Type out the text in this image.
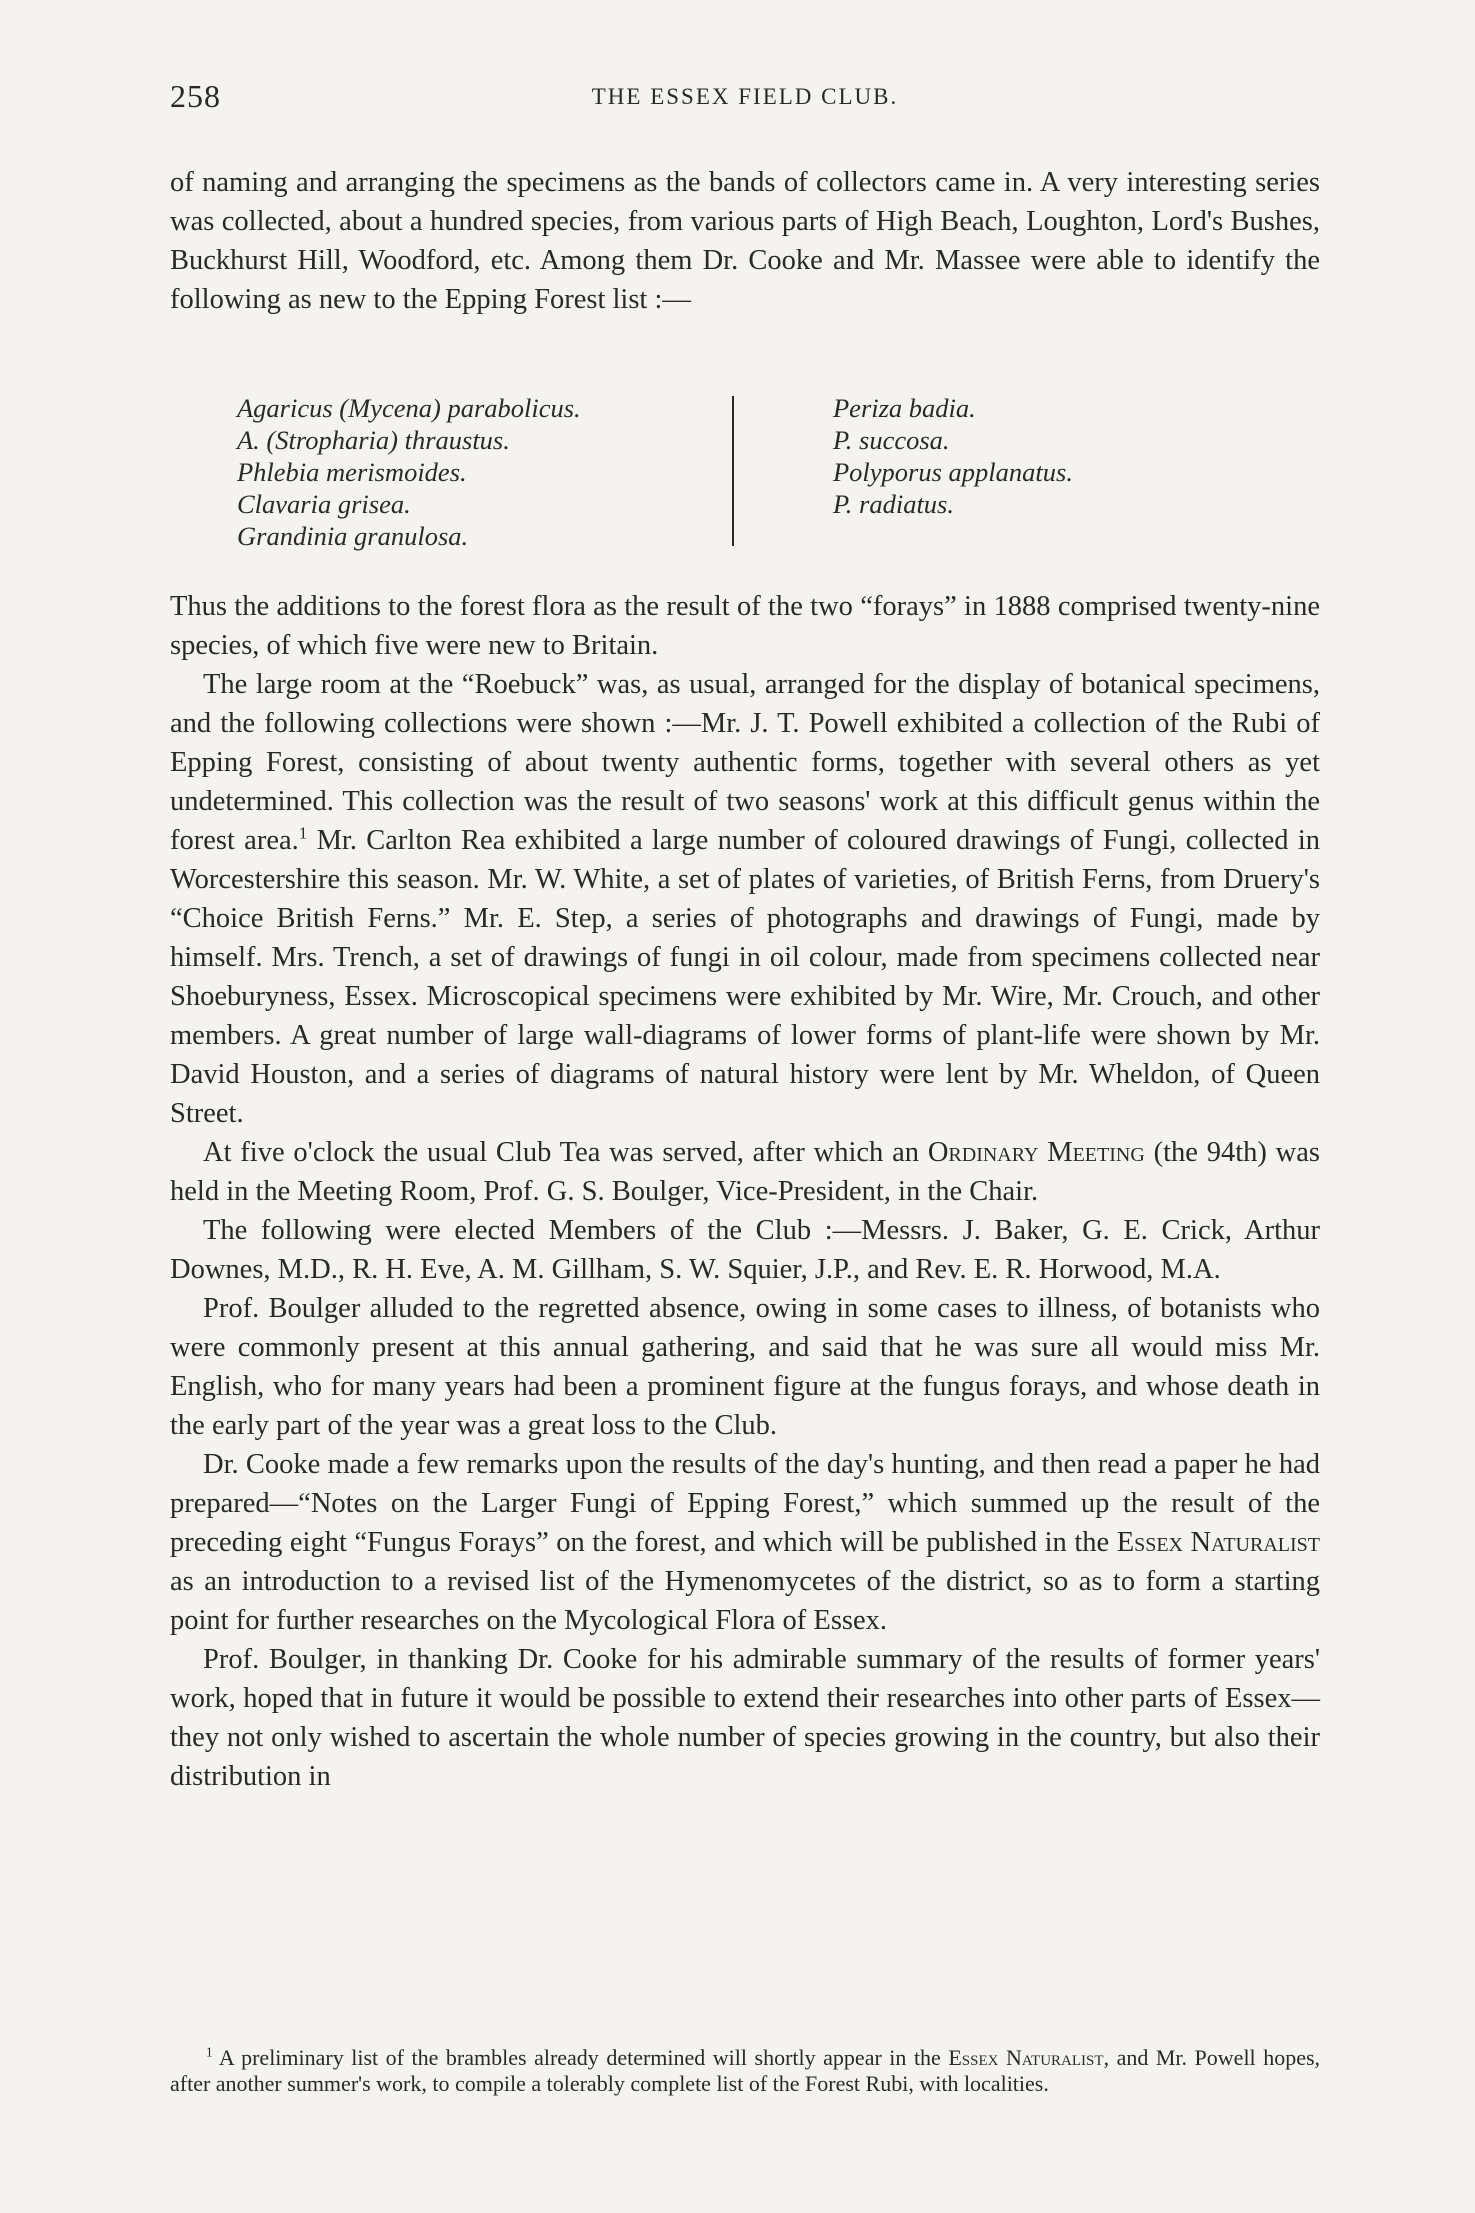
258	THE ESSEX FIELD CLUB.

of naming and arranging the specimens as the bands of collectors came in. A very interesting series was collected, about a hundred species, from various parts of High Beach, Loughton, Lord's Bushes, Buckhurst Hill, Woodford, etc. Among them Dr. Cooke and Mr. Massee were able to identify the following as new to the Epping Forest list :—

Agaricus (Mycena) parabolicus.
A. (Stropharia) thraustus.
Phlebia merismoides.
Clavaria grisea.
Grandinia granulosa.
Periza badia.
P. succosa.
Polyporus applanatus.
P. radiatus.

Thus the additions to the forest flora as the result of the two “forays” in 1888 comprised twenty-nine species, of which five were new to Britain.

The large room at the “Roebuck” was, as usual, arranged for the display of botanical specimens, and the following collections were shown :—Mr. J. T. Powell exhibited a collection of the Rubi of Epping Forest, consisting of about twenty authentic forms, together with several others as yet undetermined. This collection was the result of two seasons' work at this difficult genus within the forest area.$^1$ Mr. Carlton Rea exhibited a large number of coloured drawings of Fungi, collected in Worcestershire this season. Mr. W. White, a set of plates of varieties, of British Ferns, from Druery's “Choice British Ferns.” Mr. E. Step, a series of photographs and drawings of Fungi, made by himself. Mrs. Trench, a set of drawings of fungi in oil colour, made from specimens collected near Shoeburyness, Essex. Microscopical specimens were exhibited by Mr. Wire, Mr. Crouch, and other members. A great number of large wall-diagrams of lower forms of plant-life were shown by Mr. David Houston, and a series of diagrams of natural history were lent by Mr. Wheldon, of Queen Street.

At five o'clock the usual Club Tea was served, after which an Ordinary Meeting (the 94th) was held in the Meeting Room, Prof. G. S. Boulger, Vice-President, in the Chair.

The following were elected Members of the Club :—Messrs. J. Baker, G. E. Crick, Arthur Downes, M.D., R. H. Eve, A. M. Gillham, S. W. Squier, J.P., and Rev. E. R. Horwood, M.A.

Prof. Boulger alluded to the regretted absence, owing in some cases to illness, of botanists who were commonly present at this annual gathering, and said that he was sure all would miss Mr. English, who for many years had been a prominent figure at the fungus forays, and whose death in the early part of the year was a great loss to the Club.

Dr. Cooke made a few remarks upon the results of the day's hunting, and then read a paper he had prepared—“Notes on the Larger Fungi of Epping Forest,” which summed up the result of the preceding eight “Fungus Forays” on the forest, and which will be published in the Essex Naturalist as an introduction to a revised list of the Hymenomycetes of the district, so as to form a starting point for further researches on the Mycological Flora of Essex.

Prof. Boulger, in thanking Dr. Cooke for his admirable summary of the results of former years' work, hoped that in future it would be possible to extend their researches into other parts of Essex—they not only wished to ascertain the whole number of species growing in the country, but also their distribution in

$^1$ A preliminary list of the brambles already determined will shortly appear in the Essex Naturalist, and Mr. Powell hopes, after another summer's work, to compile a tolerably complete list of the Forest Rubi, with localities.
